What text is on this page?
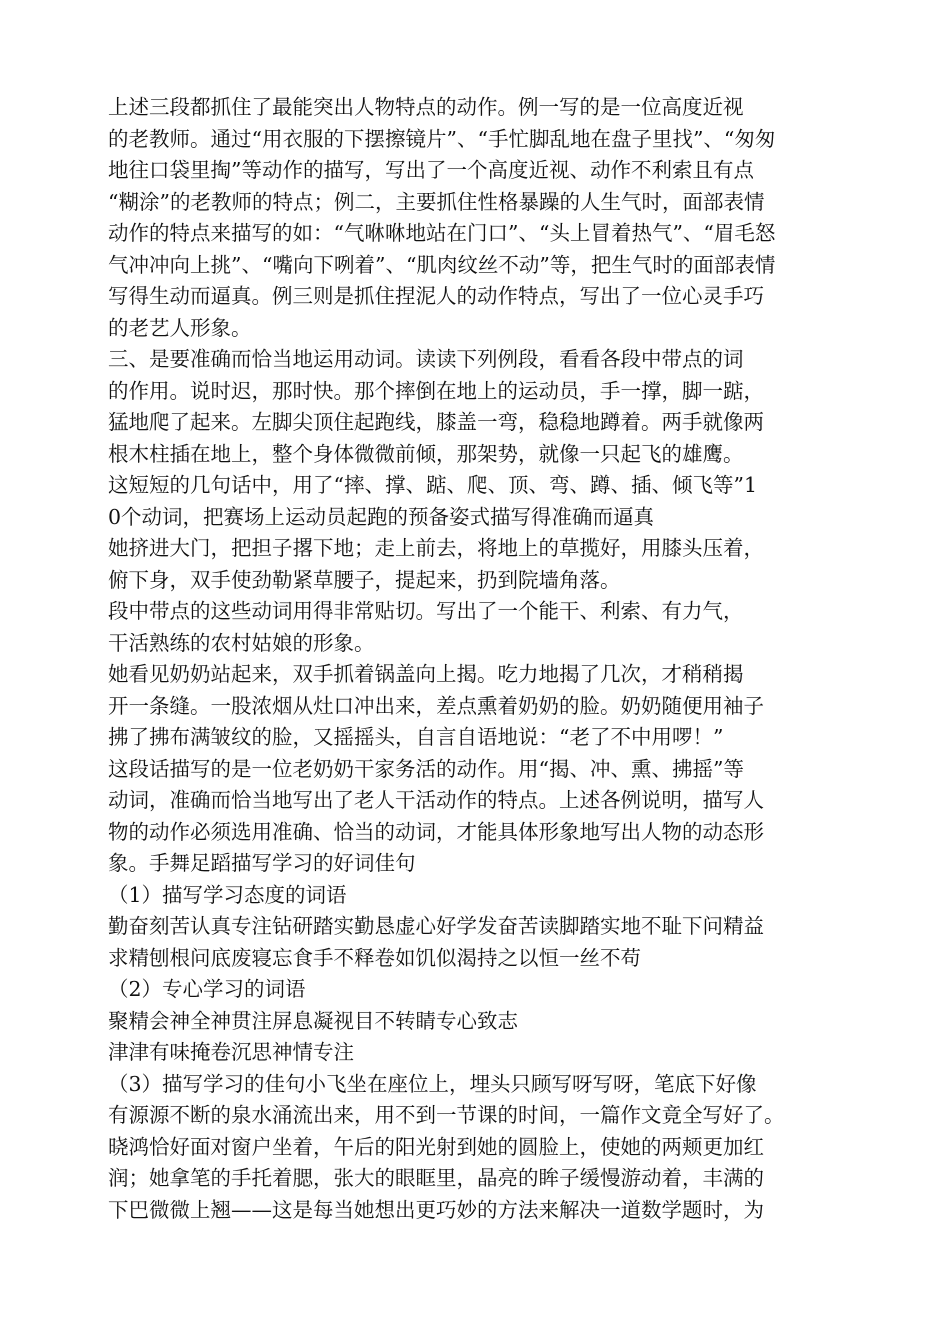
上述三段都抓住了最能突出人物特点的动作。例一写的是一位高度近视
的老教师。通过“用衣服的下摆擦镜片”、“手忙脚乱地在盘子里找”、“匆匆
地往口袋里掏”等动作的描写，写出了一个高度近视、动作不利索且有点
“糊涂”的老教师的特点；例二，主要抓住性格暴躁的人生气时，面部表情
动作的特点来描写的如：“气咻咻地站在门口”、“头上冒着热气”、“眉毛怒
气冲冲向上挑”、“嘴向下咧着”、“肌肉纹丝不动”等，把生气时的面部表情
写得生动而逼真。例三则是抓住捏泥人的动作特点，写出了一位心灵手巧
的老艺人形象。
三、是要准确而恰当地运用动词。读读下列例段，看看各段中带点的词
的作用。说时迟，那时快。那个摔倒在地上的运动员，手一撑，脚一踮，
猛地爬了起来。左脚尖顶住起跑线，膝盖一弯，稳稳地蹲着。两手就像两
根木柱插在地上，整个身体微微前倾，那架势，就像一只起飞的雄鹰。
这短短的几句话中，用了“摔、撑、踮、爬、顶、弯、蹲、插、倾飞等”1
0个动词，把赛场上运动员起跑的预备姿式描写得准确而逼真
她挤进大门，把担子撂下地；走上前去，将地上的草揽好，用膝头压着，
俯下身，双手使劲勒紧草腰子，提起来，扔到院墙角落。
段中带点的这些动词用得非常贴切。写出了一个能干、利索、有力气，
干活熟练的农村姑娘的形象。
她看见奶奶站起来，双手抓着锅盖向上揭。吃力地揭了几次，才稍稍揭
开一条缝。一股浓烟从灶口冲出来，差点熏着奶奶的脸。奶奶随便用袖子
拂了拂布满皱纹的脸，又摇摇头，自言自语地说：“老了不中用啰！”
这段话描写的是一位老奶奶干家务活的动作。用“揭、冲、熏、拂摇”等
动词，准确而恰当地写出了老人干活动作的特点。上述各例说明，描写人
物的动作必须选用准确、恰当的动词，才能具体形象地写出人物的动态形
象。手舞足蹈描写学习的好词佳句
（1）描写学习态度的词语
勤奋刻苦认真专注钻研踏实勤恳虚心好学发奋苦读脚踏实地不耻下问精益
求精刨根问底废寝忘食手不释卷如饥似渴持之以恒一丝不苟
（2）专心学习的词语
聚精会神全神贯注屏息凝视目不转睛专心致志
津津有味掩卷沉思神情专注
（3）描写学习的佳句小飞坐在座位上，埋头只顾写呀写呀，笔底下好像
有源源不断的泉水涌流出来，用不到一节课的时间，一篇作文竟全写好了。
晓鸿恰好面对窗户坐着，午后的阳光射到她的圆脸上，使她的两颊更加红
润；她拿笔的手托着腮，张大的眼眶里，晶亮的眸子缓慢游动着，丰满的
下巴微微上翘——这是每当她想出更巧妙的方法来解决一道数学题时，为
